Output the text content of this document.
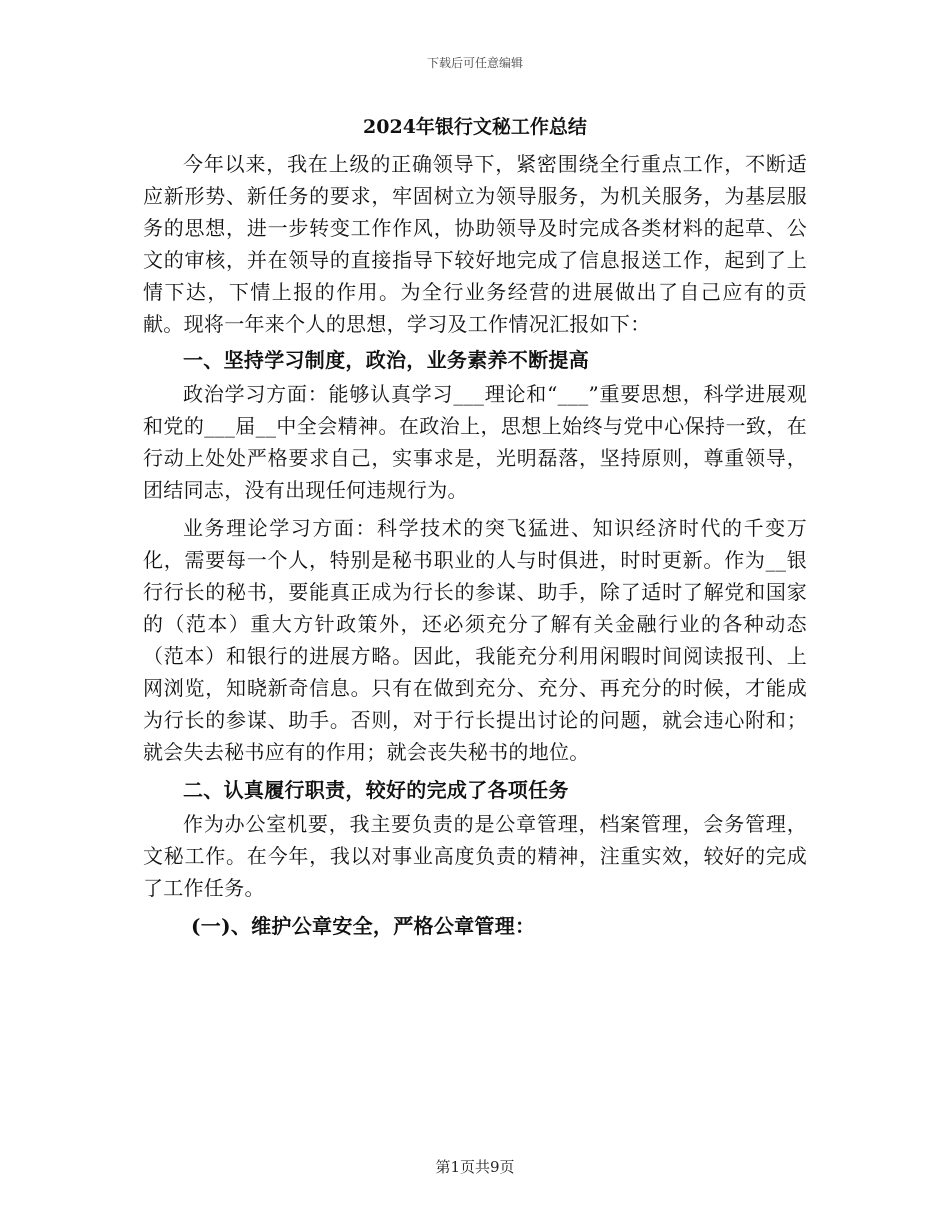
下载后可任意编辑
2024年银行文秘工作总结

今年以来，我在上级的正确领导下，紧密围绕全行重点工作，不断适应新形势、新任务的要求，牢固树立为领导服务，为机关服务，为基层服务的思想，进一步转变工作作风，协助领导及时完成各类材料的起草、公文的审核，并在领导的直接指导下较好地完成了信息报送工作，起到了上情下达，下情上报的作用。为全行业务经营的进展做出了自己应有的贡献。现将一年来个人的思想，学习及工作情况汇报如下：

一、坚持学习制度，政治，业务素养不断提高

政治学习方面：能够认真学习___理论和“___”重要思想，科学进展观和党的___届__中全会精神。在政治上，思想上始终与党中心保持一致，在行动上处处严格要求自己，实事求是，光明磊落，坚持原则，尊重领导，团结同志，没有出现任何违规行为。

业务理论学习方面：科学技术的突飞猛进、知识经济时代的千变万化，需要每一个人，特别是秘书职业的人与时俱进，时时更新。作为__银行行长的秘书，要能真正成为行长的参谋、助手，除了适时了解党和国家的（范本）重大方针政策外，还必须充分了解有关金融行业的各种动态（范本）和银行的进展方略。因此，我能充分利用闲暇时间阅读报刊、上网浏览，知晓新奇信息。只有在做到充分、充分、再充分的时候，才能成为行长的参谋、助手。否则，对于行长提出讨论的问题，就会违心附和；就会失去秘书应有的作用；就会丧失秘书的地位。

二、认真履行职责，较好的完成了各项任务

作为办公室机要，我主要负责的是公章管理，档案管理，会务管理，文秘工作。在今年，我以对事业高度负责的精神，注重实效，较好的完成了工作任务。

(一)、维护公章安全，严格公章管理：

第1页共9页
